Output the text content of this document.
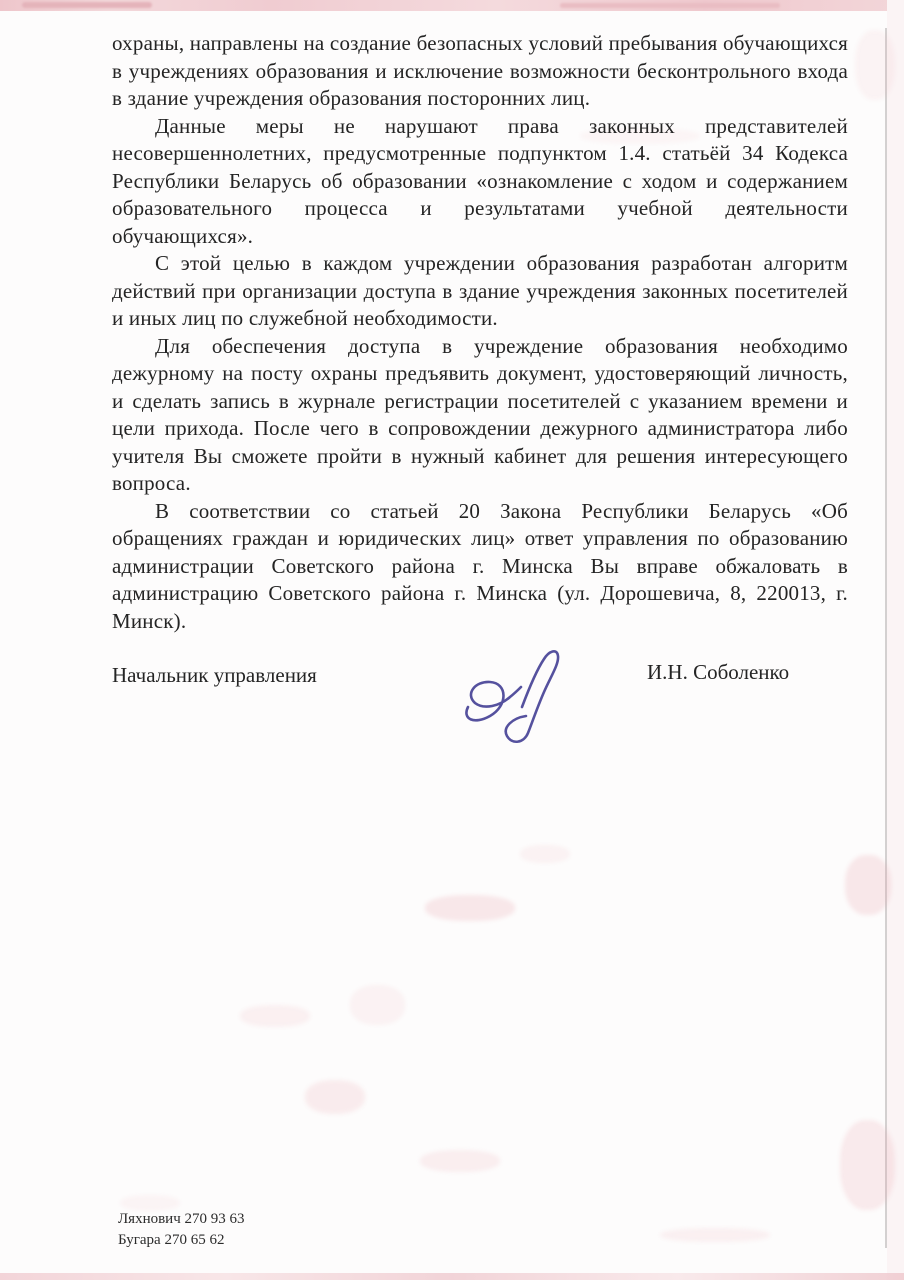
охраны, направлены на создание безопасных условий пребывания обучающихся в учреждениях образования и исключение возможности бесконтрольного входа в здание учреждения образования посторонних лиц.

Данные меры не нарушают права законных представителей несовершеннолетних, предусмотренные подпунктом 1.4. статьёй 34 Кодекса Республики Беларусь об образовании «ознакомление с ходом и содержанием образовательного процесса и результатами учебной деятельности обучающихся».

С этой целью в каждом учреждении образования разработан алгоритм действий при организации доступа в здание учреждения законных посетителей и иных лиц по служебной необходимости.

Для обеспечения доступа в учреждение образования необходимо дежурному на посту охраны предъявить документ, удостоверяющий личность, и сделать запись в журнале регистрации посетителей с указанием времени и цели прихода. После чего в сопровождении дежурного администратора либо учителя Вы сможете пройти в нужный кабинет для решения интересующего вопроса.

В соответствии со статьей 20 Закона Республики Беларусь «Об обращениях граждан и юридических лиц» ответ управления по образованию администрации Советского района г. Минска Вы вправе обжаловать в администрацию Советского района г. Минска (ул. Дорошевича, 8, 220013, г. Минск).

Начальник управления	И.Н. Соболенко
Ляхнович 270 93 63
Бугара 270 65 62
